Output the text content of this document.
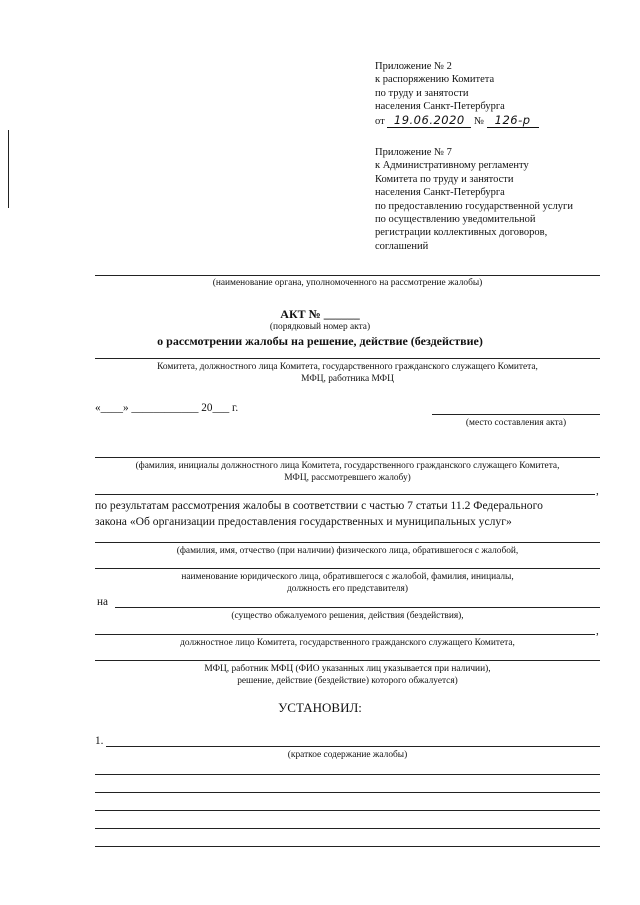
Приложение № 2
к распоряжению Комитета
по труду и занятости
населения Санкт-Петербурга
от 19.06.2020 № 126-р
Приложение № 7
к Административному регламенту
Комитета по труду и занятости
населения Санкт-Петербурга
по предоставлению государственной услуги
по осуществлению уведомительной
регистрации коллективных договоров,
соглашений
(наименование органа, уполномоченного на рассмотрение жалобы)
АКТ № ______
(порядковый номер акта)
о рассмотрении жалобы на решение, действие (бездействие)
Комитета, должностного лица Комитета, государственного гражданского служащего Комитета,
МФЦ, работника МФЦ
«____» ____________ 20___ г.
(место составления акта)
(фамилия, инициалы должностного лица Комитета, государственного гражданского служащего Комитета,
МФЦ, рассмотревшего жалобу)
,
по результатам рассмотрения жалобы в соответствии с частью 7 статьи 11.2 Федерального
закона «Об организации предоставления государственных и муниципальных услуг»
(фамилия, имя, отчество (при наличии) физического лица, обратившегося с жалобой,
наименование юридического лица, обратившегося с жалобой, фамилия, инициалы,
должность его представителя)
на
(существо обжалуемого решения, действия (бездействия),
,
должностное лицо Комитета, государственного гражданского служащего Комитета,
МФЦ, работник МФЦ (ФИО указанных лиц указывается при наличии),
решение, действие (бездействие) которого обжалуется)
УСТАНОВИЛ:
1.
(краткое содержание жалобы)
